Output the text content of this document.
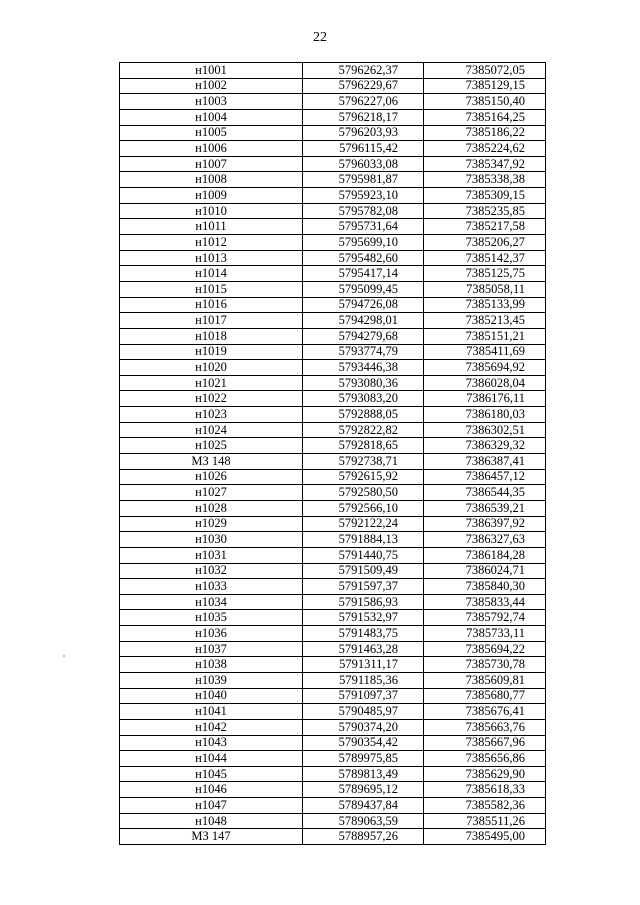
22
н1001	5796262,37	7385072,05
н1002	5796229,67	7385129,15
н1003	5796227,06	7385150,40
н1004	5796218,17	7385164,25
н1005	5796203,93	7385186,22
н1006	5796115,42	7385224,62
н1007	5796033,08	7385347,92
н1008	5795981,87	7385338,38
н1009	5795923,10	7385309,15
н1010	5795782,08	7385235,85
н1011	5795731,64	7385217,58
н1012	5795699,10	7385206,27
н1013	5795482,60	7385142,37
н1014	5795417,14	7385125,75
н1015	5795099,45	7385058,11
н1016	5794726,08	7385133,99
н1017	5794298,01	7385213,45
н1018	5794279,68	7385151,21
н1019	5793774,79	7385411,69
н1020	5793446,38	7385694,92
н1021	5793080,36	7386028,04
н1022	5793083,20	7386176,11
н1023	5792888,05	7386180,03
н1024	5792822,82	7386302,51
н1025	5792818,65	7386329,32
МЗ 148	5792738,71	7386387,41
н1026	5792615,92	7386457,12
н1027	5792580,50	7386544,35
н1028	5792566,10	7386539,21
н1029	5792122,24	7386397,92
н1030	5791884,13	7386327,63
н1031	5791440,75	7386184,28
н1032	5791509,49	7386024,71
н1033	5791597,37	7385840,30
н1034	5791586,93	7385833,44
н1035	5791532,97	7385792,74
н1036	5791483,75	7385733,11
н1037	5791463,28	7385694,22
н1038	5791311,17	7385730,78
н1039	5791185,36	7385609,81
н1040	5791097,37	7385680,77
н1041	5790485,97	7385676,41
н1042	5790374,20	7385663,76
н1043	5790354,42	7385667,96
н1044	5789975,85	7385656,86
н1045	5789813,49	7385629,90
н1046	5789695,12	7385618,33
н1047	5789437,84	7385582,36
н1048	5789063,59	7385511,26
МЗ 147	5788957,26	7385495,00
